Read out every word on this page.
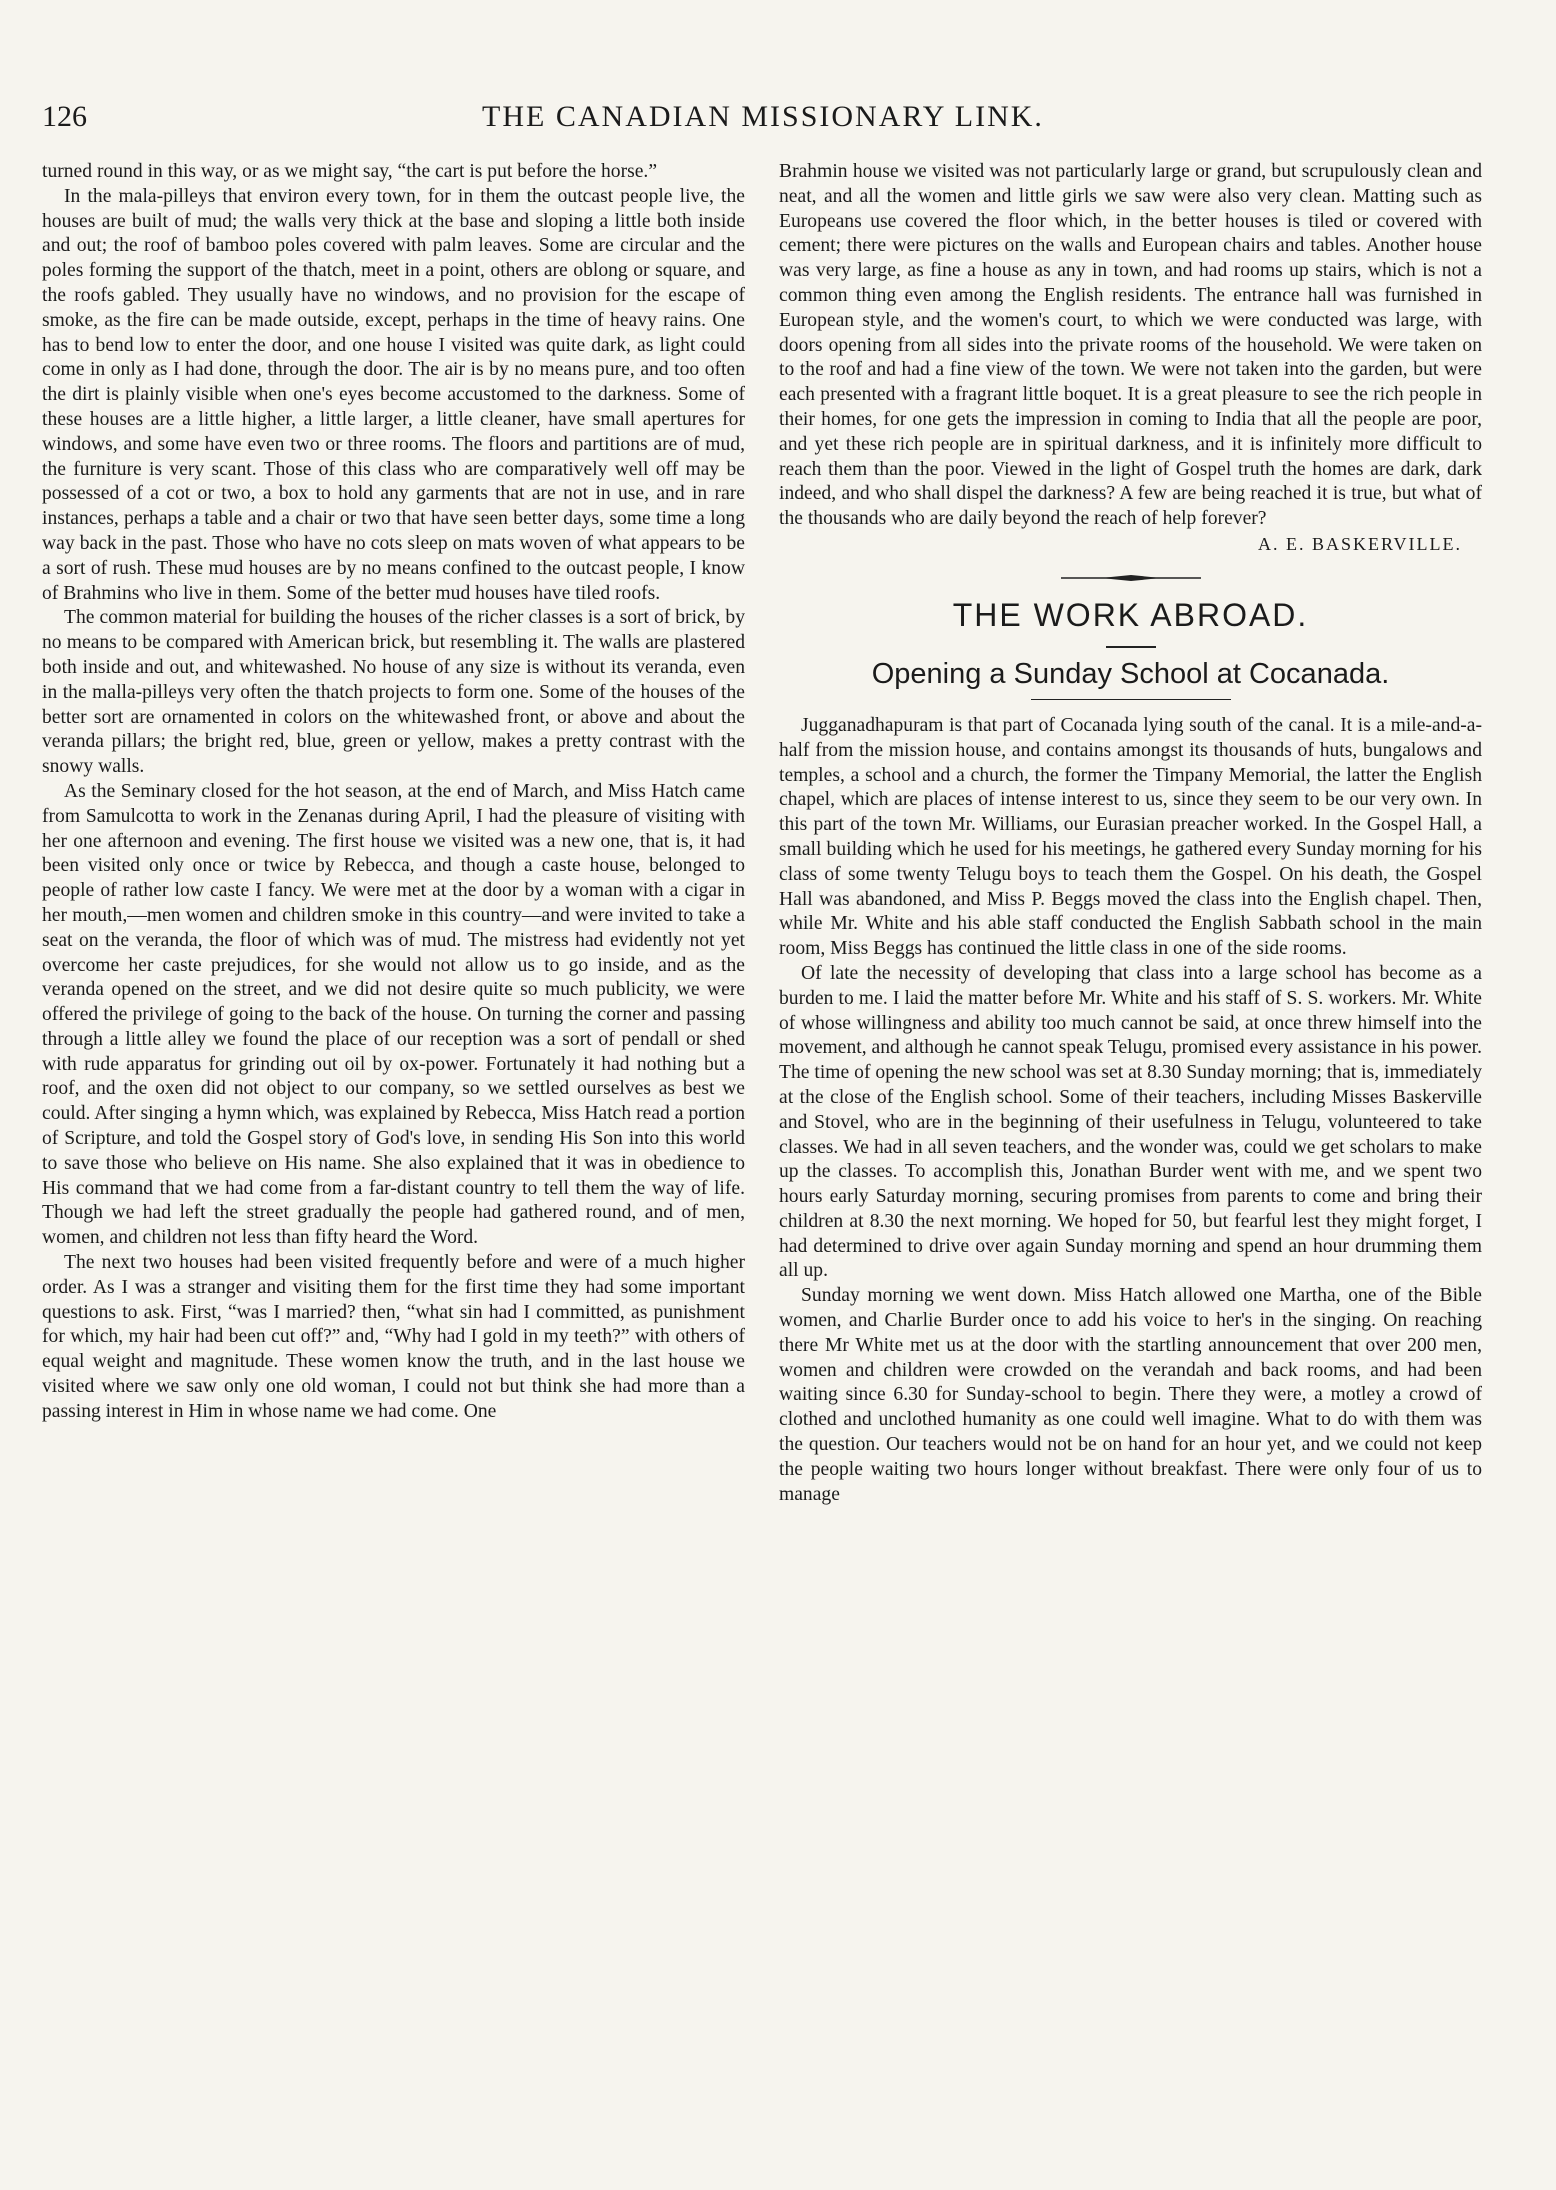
126	THE CANADIAN MISSIONARY LINK.

turned round in this way, or as we might say, “the cart is put before the horse.”

In the mala-pilleys that environ every town, for in them the outcast people live, the houses are built of mud; the walls very thick at the base and sloping a little both inside and out; the roof of bamboo poles covered with palm leaves. Some are circular and the poles forming the support of the thatch, meet in a point, others are oblong or square, and the roofs gabled. They usually have no windows, and no provision for the escape of smoke, as the fire can be made outside, except, perhaps in the time of heavy rains. One has to bend low to enter the door, and one house I visited was quite dark, as light could come in only as I had done, through the door. The air is by no means pure, and too often the dirt is plainly visible when one's eyes become accustomed to the darkness. Some of these houses are a little higher, a little larger, a little cleaner, have small apertures for windows, and some have even two or three rooms. The floors and partitions are of mud, the furniture is very scant. Those of this class who are comparatively well off may be possessed of a cot or two, a box to hold any garments that are not in use, and in rare instances, perhaps a table and a chair or two that have seen better days, some time a long way back in the past. Those who have no cots sleep on mats woven of what appears to be a sort of rush. These mud houses are by no means confined to the outcast people, I know of Brahmins who live in them. Some of the better mud houses have tiled roofs.

The common material for building the houses of the richer classes is a sort of brick, by no means to be compared with American brick, but resembling it. The walls are plastered both inside and out, and whitewashed. No house of any size is without its veranda, even in the malla-pilleys very often the thatch projects to form one. Some of the houses of the better sort are ornamented in colors on the whitewashed front, or above and about the veranda pillars; the bright red, blue, green or yellow, makes a pretty contrast with the snowy walls.

As the Seminary closed for the hot season, at the end of March, and Miss Hatch came from Samulcotta to work in the Zenanas during April, I had the pleasure of visiting with her one afternoon and evening. The first house we visited was a new one, that is, it had been visited only once or twice by Rebecca, and though a caste house, belonged to people of rather low caste I fancy. We were met at the door by a woman with a cigar in her mouth,—men women and children smoke in this country—and were invited to take a seat on the veranda, the floor of which was of mud. The mistress had evidently not yet overcome her caste prejudices, for she would not allow us to go inside, and as the veranda opened on the street, and we did not desire quite so much publicity, we were offered the privilege of going to the back of the house. On turning the corner and passing through a little alley we found the place of our reception was a sort of pendall or shed with rude apparatus for grinding out oil by ox-power. Fortunately it had nothing but a roof, and the oxen did not object to our company, so we settled ourselves as best we could. After singing a hymn which, was explained by Rebecca, Miss Hatch read a portion of Scripture, and told the Gospel story of God's love, in sending His Son into this world to save those who believe on His name. She also explained that it was in obedience to His command that we had come from a far-distant country to tell them the way of life. Though we had left the street gradually the people had gathered round, and of men, women, and children not less than fifty heard the Word.

The next two houses had been visited frequently before and were of a much higher order. As I was a stranger and visiting them for the first time they had some important questions to ask. First, “was I married? then, “what sin had I committed, as punishment for which, my hair had been cut off?” and, “Why had I gold in my teeth?” with others of equal weight and magnitude. These women know the truth, and in the last house we visited where we saw only one old woman, I could not but think she had more than a passing interest in Him in whose name we had come. One

Brahmin house we visited was not particularly large or grand, but scrupulously clean and neat, and all the women and little girls we saw were also very clean. Matting such as Europeans use covered the floor which, in the better houses is tiled or covered with cement; there were pictures on the walls and European chairs and tables. Another house was very large, as fine a house as any in town, and had rooms up stairs, which is not a common thing even among the English residents. The entrance hall was furnished in European style, and the women's court, to which we were conducted was large, with doors opening from all sides into the private rooms of the household. We were taken on to the roof and had a fine view of the town. We were not taken into the garden, but were each presented with a fragrant little boquet. It is a great pleasure to see the rich people in their homes, for one gets the impression in coming to India that all the people are poor, and yet these rich people are in spiritual darkness, and it is infinitely more difficult to reach them than the poor. Viewed in the light of Gospel truth the homes are dark, dark indeed, and who shall dispel the darkness? A few are being reached it is true, but what of the thousands who are daily beyond the reach of help forever?

A. E. BASKERVILLE.
THE WORK ABROAD.
Opening a Sunday School at Cocanada.

Jugganadhapuram is that part of Cocanada lying south of the canal. It is a mile-and-a-half from the mission house, and contains amongst its thousands of huts, bungalows and temples, a school and a church, the former the Timpany Memorial, the latter the English chapel, which are places of intense interest to us, since they seem to be our very own. In this part of the town Mr. Williams, our Eurasian preacher worked. In the Gospel Hall, a small building which he used for his meetings, he gathered every Sunday morning for his class of some twenty Telugu boys to teach them the Gospel. On his death, the Gospel Hall was abandoned, and Miss P. Beggs moved the class into the English chapel. Then, while Mr. White and his able staff conducted the English Sabbath school in the main room, Miss Beggs has continued the little class in one of the side rooms.

Of late the necessity of developing that class into a large school has become as a burden to me. I laid the matter before Mr. White and his staff of S. S. workers. Mr. White of whose willingness and ability too much cannot be said, at once threw himself into the movement, and although he cannot speak Telugu, promised every assistance in his power. The time of opening the new school was set at 8.30 Sunday morning; that is, immediately at the close of the English school. Some of their teachers, including Misses Baskerville and Stovel, who are in the beginning of their usefulness in Telugu, volunteered to take classes. We had in all seven teachers, and the wonder was, could we get scholars to make up the classes. To accomplish this, Jonathan Burder went with me, and we spent two hours early Saturday morning, securing promises from parents to come and bring their children at 8.30 the next morning. We hoped for 50, but fearful lest they might forget, I had determined to drive over again Sunday morning and spend an hour drumming them all up.

Sunday morning we went down. Miss Hatch allowed one Martha, one of the Bible women, and Charlie Burder once to add his voice to her's in the singing. On reaching there Mr White met us at the door with the startling announcement that over 200 men, women and children were crowded on the verandah and back rooms, and had been waiting since 6.30 for Sunday-school to begin. There they were, a motley a crowd of clothed and unclothed humanity as one could well imagine. What to do with them was the question. Our teachers would not be on hand for an hour yet, and we could not keep the people waiting two hours longer without breakfast. There were only four of us to manage
